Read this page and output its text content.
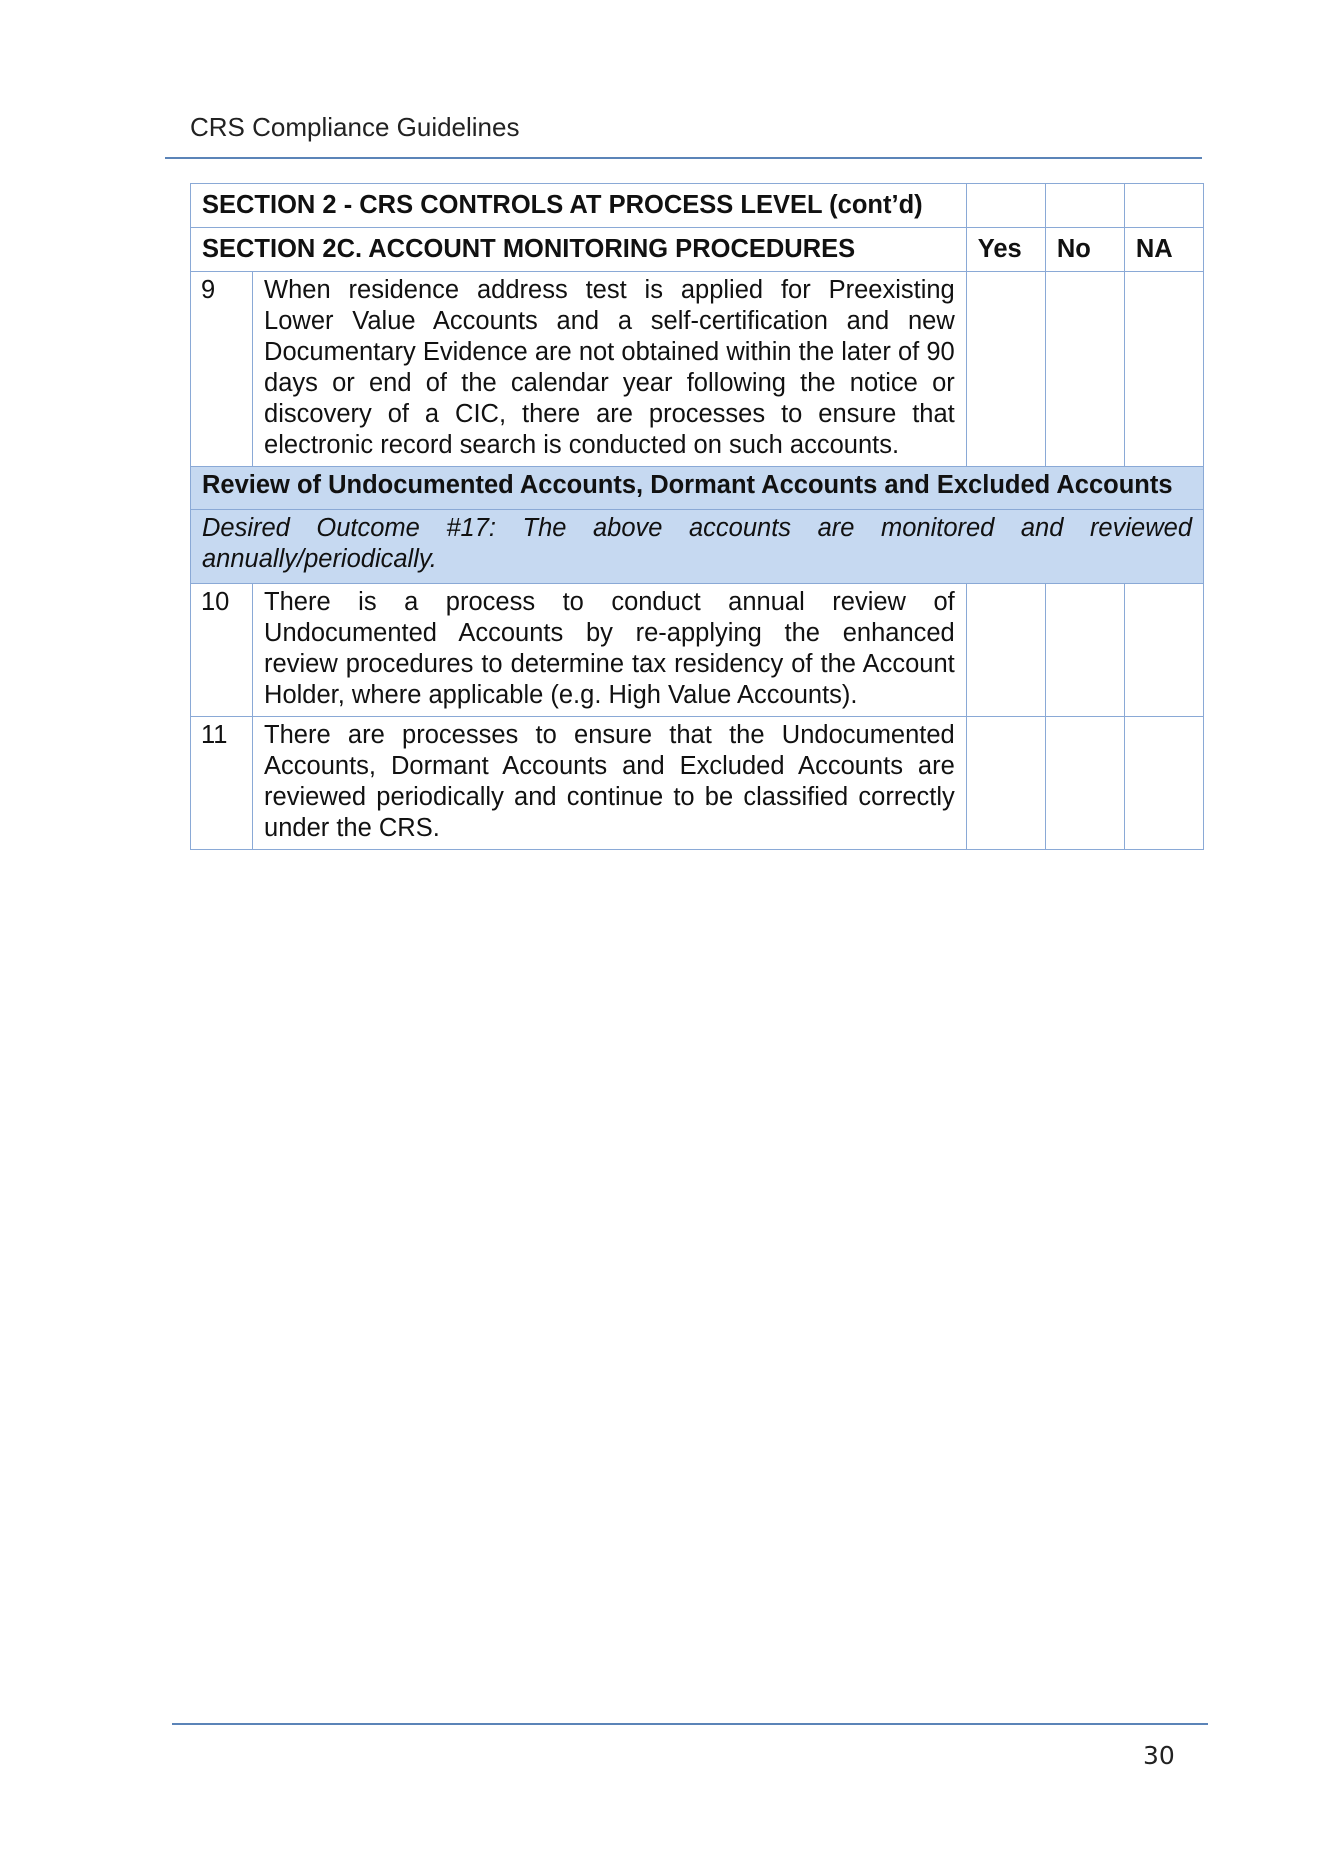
CRS Compliance Guidelines
SECTION 2 - CRS CONTROLS AT PROCESS LEVEL (cont’d)				
SECTION 2C. ACCOUNT MONITORING PROCEDURES		Yes	No	NA
9	When residence address test is applied for Preexisting Lower Value Accounts and a self-certification and new Documentary Evidence are not obtained within the later of 90 days or end of the calendar year following the notice or discovery of a CIC, there are processes to ensure that electronic record search is conducted on such accounts.			
Review of Undocumented Accounts, Dormant Accounts and Excluded Accounts				
Desired Outcome #17: The above accounts are monitored and reviewed annually/periodically.				
10	There is a process to conduct annual review of Undocumented Accounts by re-applying the enhanced review procedures to determine tax residency of the Account Holder, where applicable (e.g. High Value Accounts).			
11	There are processes to ensure that the Undocumented Accounts, Dormant Accounts and Excluded Accounts are reviewed periodically and continue to be classified correctly under the CRS.			
30
